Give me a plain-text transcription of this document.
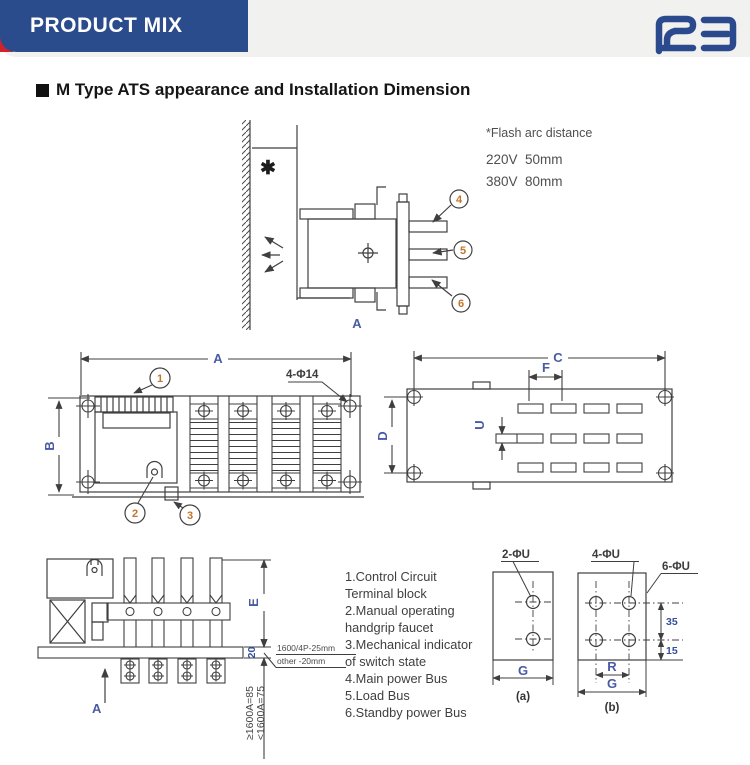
PRODUCT MIX
M Type ATS appearance and Installation Dimension
*Flash arc distance
220V  50mm
380V  80mm
4
5
6
✱
A
A
B
4-Φ14
1
2	3
C
D
F
U
E
20 1600/4P-25mm
other -20mm
≥1600A=85 <1600A=75
A
2-ΦU
G
(a)
4-ΦU
6-ΦU
35
15
R
G
(b)
1.Control Circuit
Terminal block
2.Manual operating
handgrip faucet
3.Mechanical indicator
of switch state
4.Main power Bus
5.Load Bus
6.Standby power Bus
